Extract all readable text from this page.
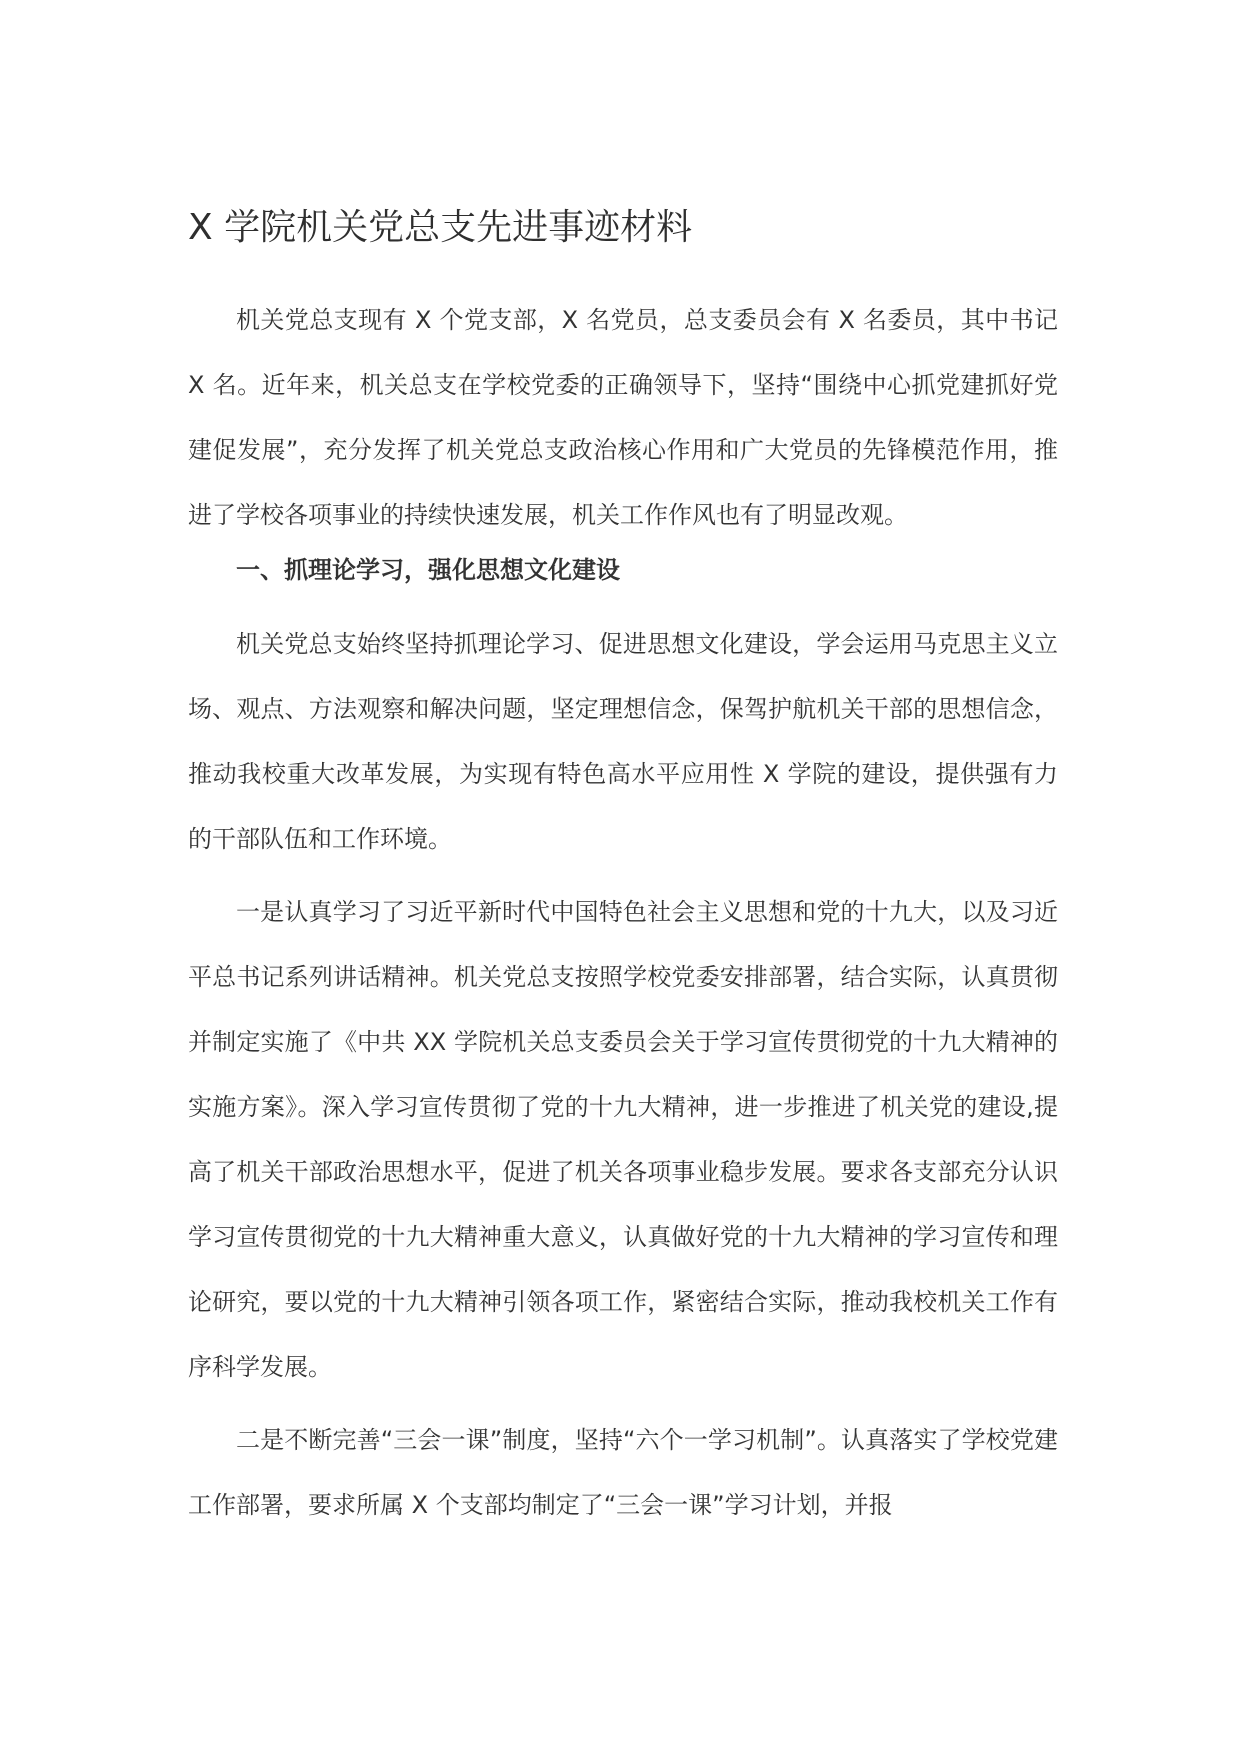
X 学院机关党总支先进事迹材料

机关党总支现有 X 个党支部，X 名党员，总支委员会有 X 名委员，其中书记 X 名。近年来，机关总支在学校党委的正确领导下，坚持“围绕中心抓党建抓好党建促发展”，充分发挥了机关党总支政治核心作用和广大党员的先锋模范作用，推进了学校各项事业的持续快速发展，机关工作作风也有了明显改观。

一、抓理论学习，强化思想文化建设

机关党总支始终坚持抓理论学习、促进思想文化建设，学会运用马克思主义立场、观点、方法观察和解决问题，坚定理想信念，保驾护航机关干部的思想信念，推动我校重大改革发展，为实现有特色高水平应用性 X 学院的建设，提供强有力的干部队伍和工作环境。

一是认真学习了习近平新时代中国特色社会主义思想和党的十九大，以及习近平总书记系列讲话精神。机关党总支按照学校党委安排部署，结合实际，认真贯彻并制定实施了《中共 XX 学院机关总支委员会关于学习宣传贯彻党的十九大精神的实施方案》。深入学习宣传贯彻了党的十九大精神，进一步推进了机关党的建设,提高了机关干部政治思想水平，促进了机关各项事业稳步发展。要求各支部充分认识学习宣传贯彻党的十九大精神重大意义，认真做好党的十九大精神的学习宣传和理论研究，要以党的十九大精神引领各项工作，紧密结合实际，推动我校机关工作有序科学发展。

二是不断完善“三会一课”制度，坚持“六个一学习机制”。认真落实了学校党建工作部署，要求所属 X 个支部均制定了“三会一课”学习计划，并报
